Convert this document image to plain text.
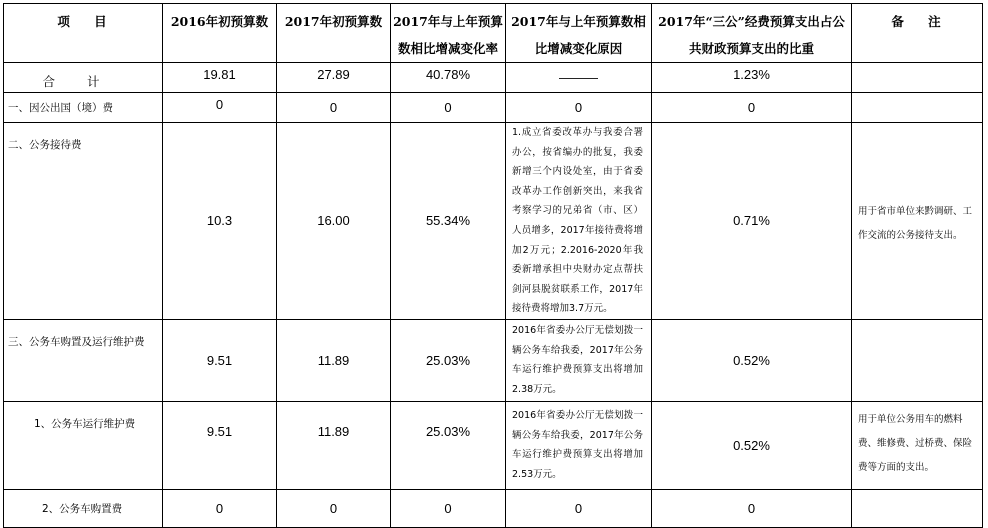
项 目	2016年初预算数	2017年初预算数	2017年与上年预算数相比增减变化率	2017年与上年预算数相比增减变化原因	2017年“三公”经费预算支出占公共财政预算支出的比重	备 注

合 计	19.81	27.89	40.78%	———	1.23%	
一、因公出国（境）费	0	0	0	0	0	
二、公务接待费	10.3	16.00	55.34%	1.成立省委改革办与我委合署办公，按省编办的批复，我委新增三个内设处室，由于省委改革办工作创新突出，来我省考察学习的兄弟省（市、区）人员增多，2017年接待费将增加2万元；2.2016-2020年我委新增承担中央财办定点帮扶剑河县脱贫联系工作，2017年接待费将增加3.7万元。	0.71%	用于省市单位来黔调研、工作交流的公务接待支出。
三、公务车购置及运行维护费	9.51	11.89	25.03%	2016年省委办公厅无偿划拨一辆公务车给我委，2017年公务车运行维护费预算支出将增加2.38万元。	0.52%	
1、公务车运行维护费	9.51	11.89	25.03%	2016年省委办公厅无偿划拨一辆公务车给我委，2017年公务车运行维护费预算支出将增加2.53万元。	0.52%	用于单位公务用车的燃料费、维修费、过桥费、保险费等方面的支出。
2、公务车购置费	0	0	0	0	0	
